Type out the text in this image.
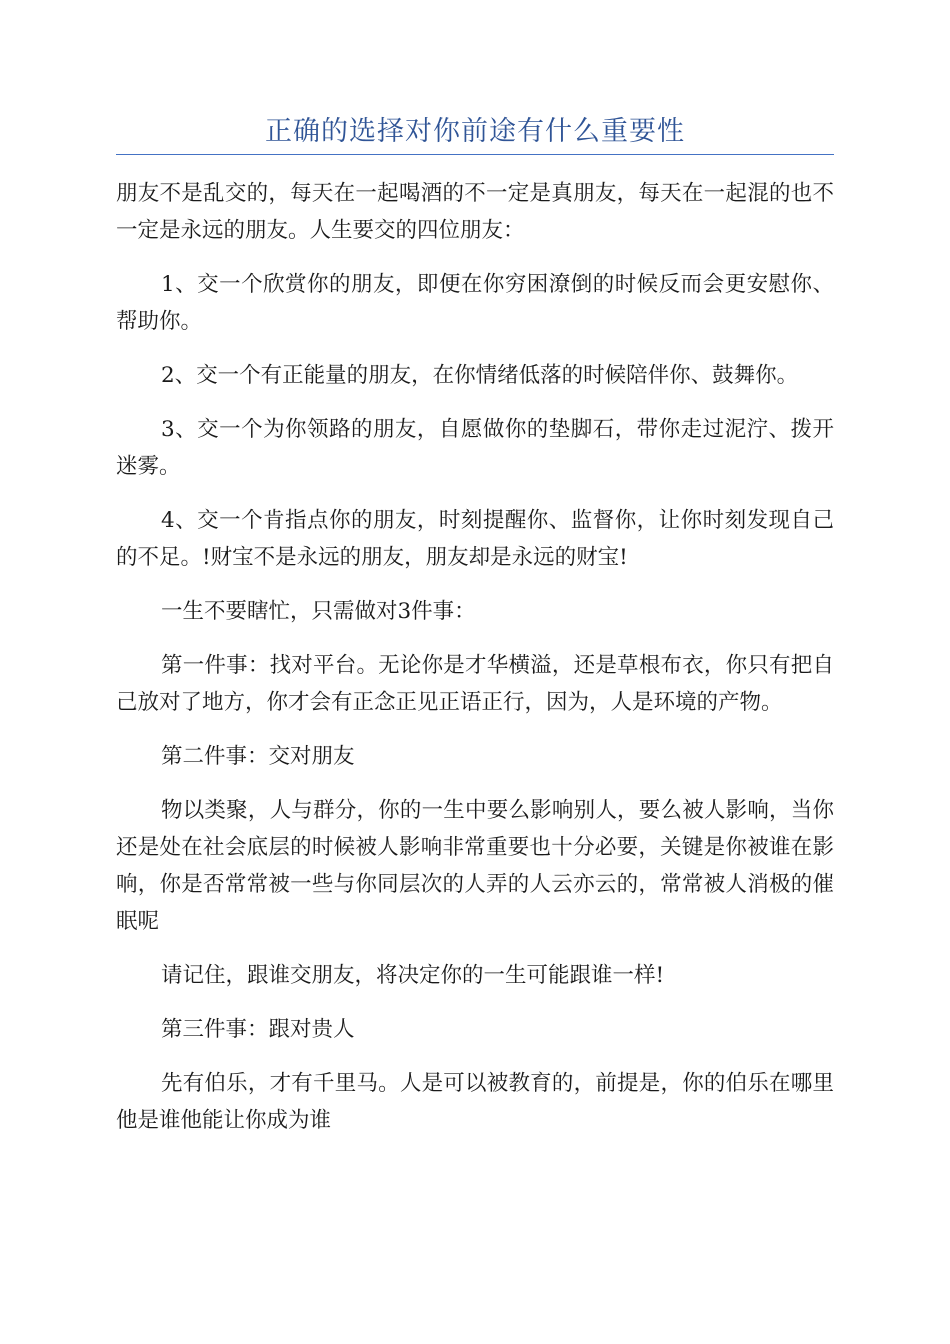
正确的选择对你前途有什么重要性

朋友不是乱交的，每天在一起喝酒的不一定是真朋友，每天在一起混的也不一定是永远的朋友。人生要交的四位朋友：

1、交一个欣赏你的朋友，即便在你穷困潦倒的时候反而会更安慰你、帮助你。

2、交一个有正能量的朋友，在你情绪低落的时候陪伴你、鼓舞你。

3、交一个为你领路的朋友，自愿做你的垫脚石，带你走过泥泞、拨开迷雾。

4、交一个肯指点你的朋友，时刻提醒你、监督你，让你时刻发现自己的不足。!财宝不是永远的朋友，朋友却是永远的财宝!

一生不要瞎忙，只需做对3件事：

第一件事：找对平台。无论你是才华横溢，还是草根布衣，你只有把自己放对了地方，你才会有正念正见正语正行，因为，人是环境的产物。

第二件事：交对朋友

物以类聚，人与群分，你的一生中要么影响别人，要么被人影响，当你还是处在社会底层的时候被人影响非常重要也十分必要，关键是你被谁在影响，你是否常常被一些与你同层次的人弄的人云亦云的，常常被人消极的催眠呢

请记住，跟谁交朋友，将决定你的一生可能跟谁一样!

第三件事：跟对贵人

先有伯乐，才有千里马。人是可以被教育的，前提是，你的伯乐在哪里他是谁他能让你成为谁
